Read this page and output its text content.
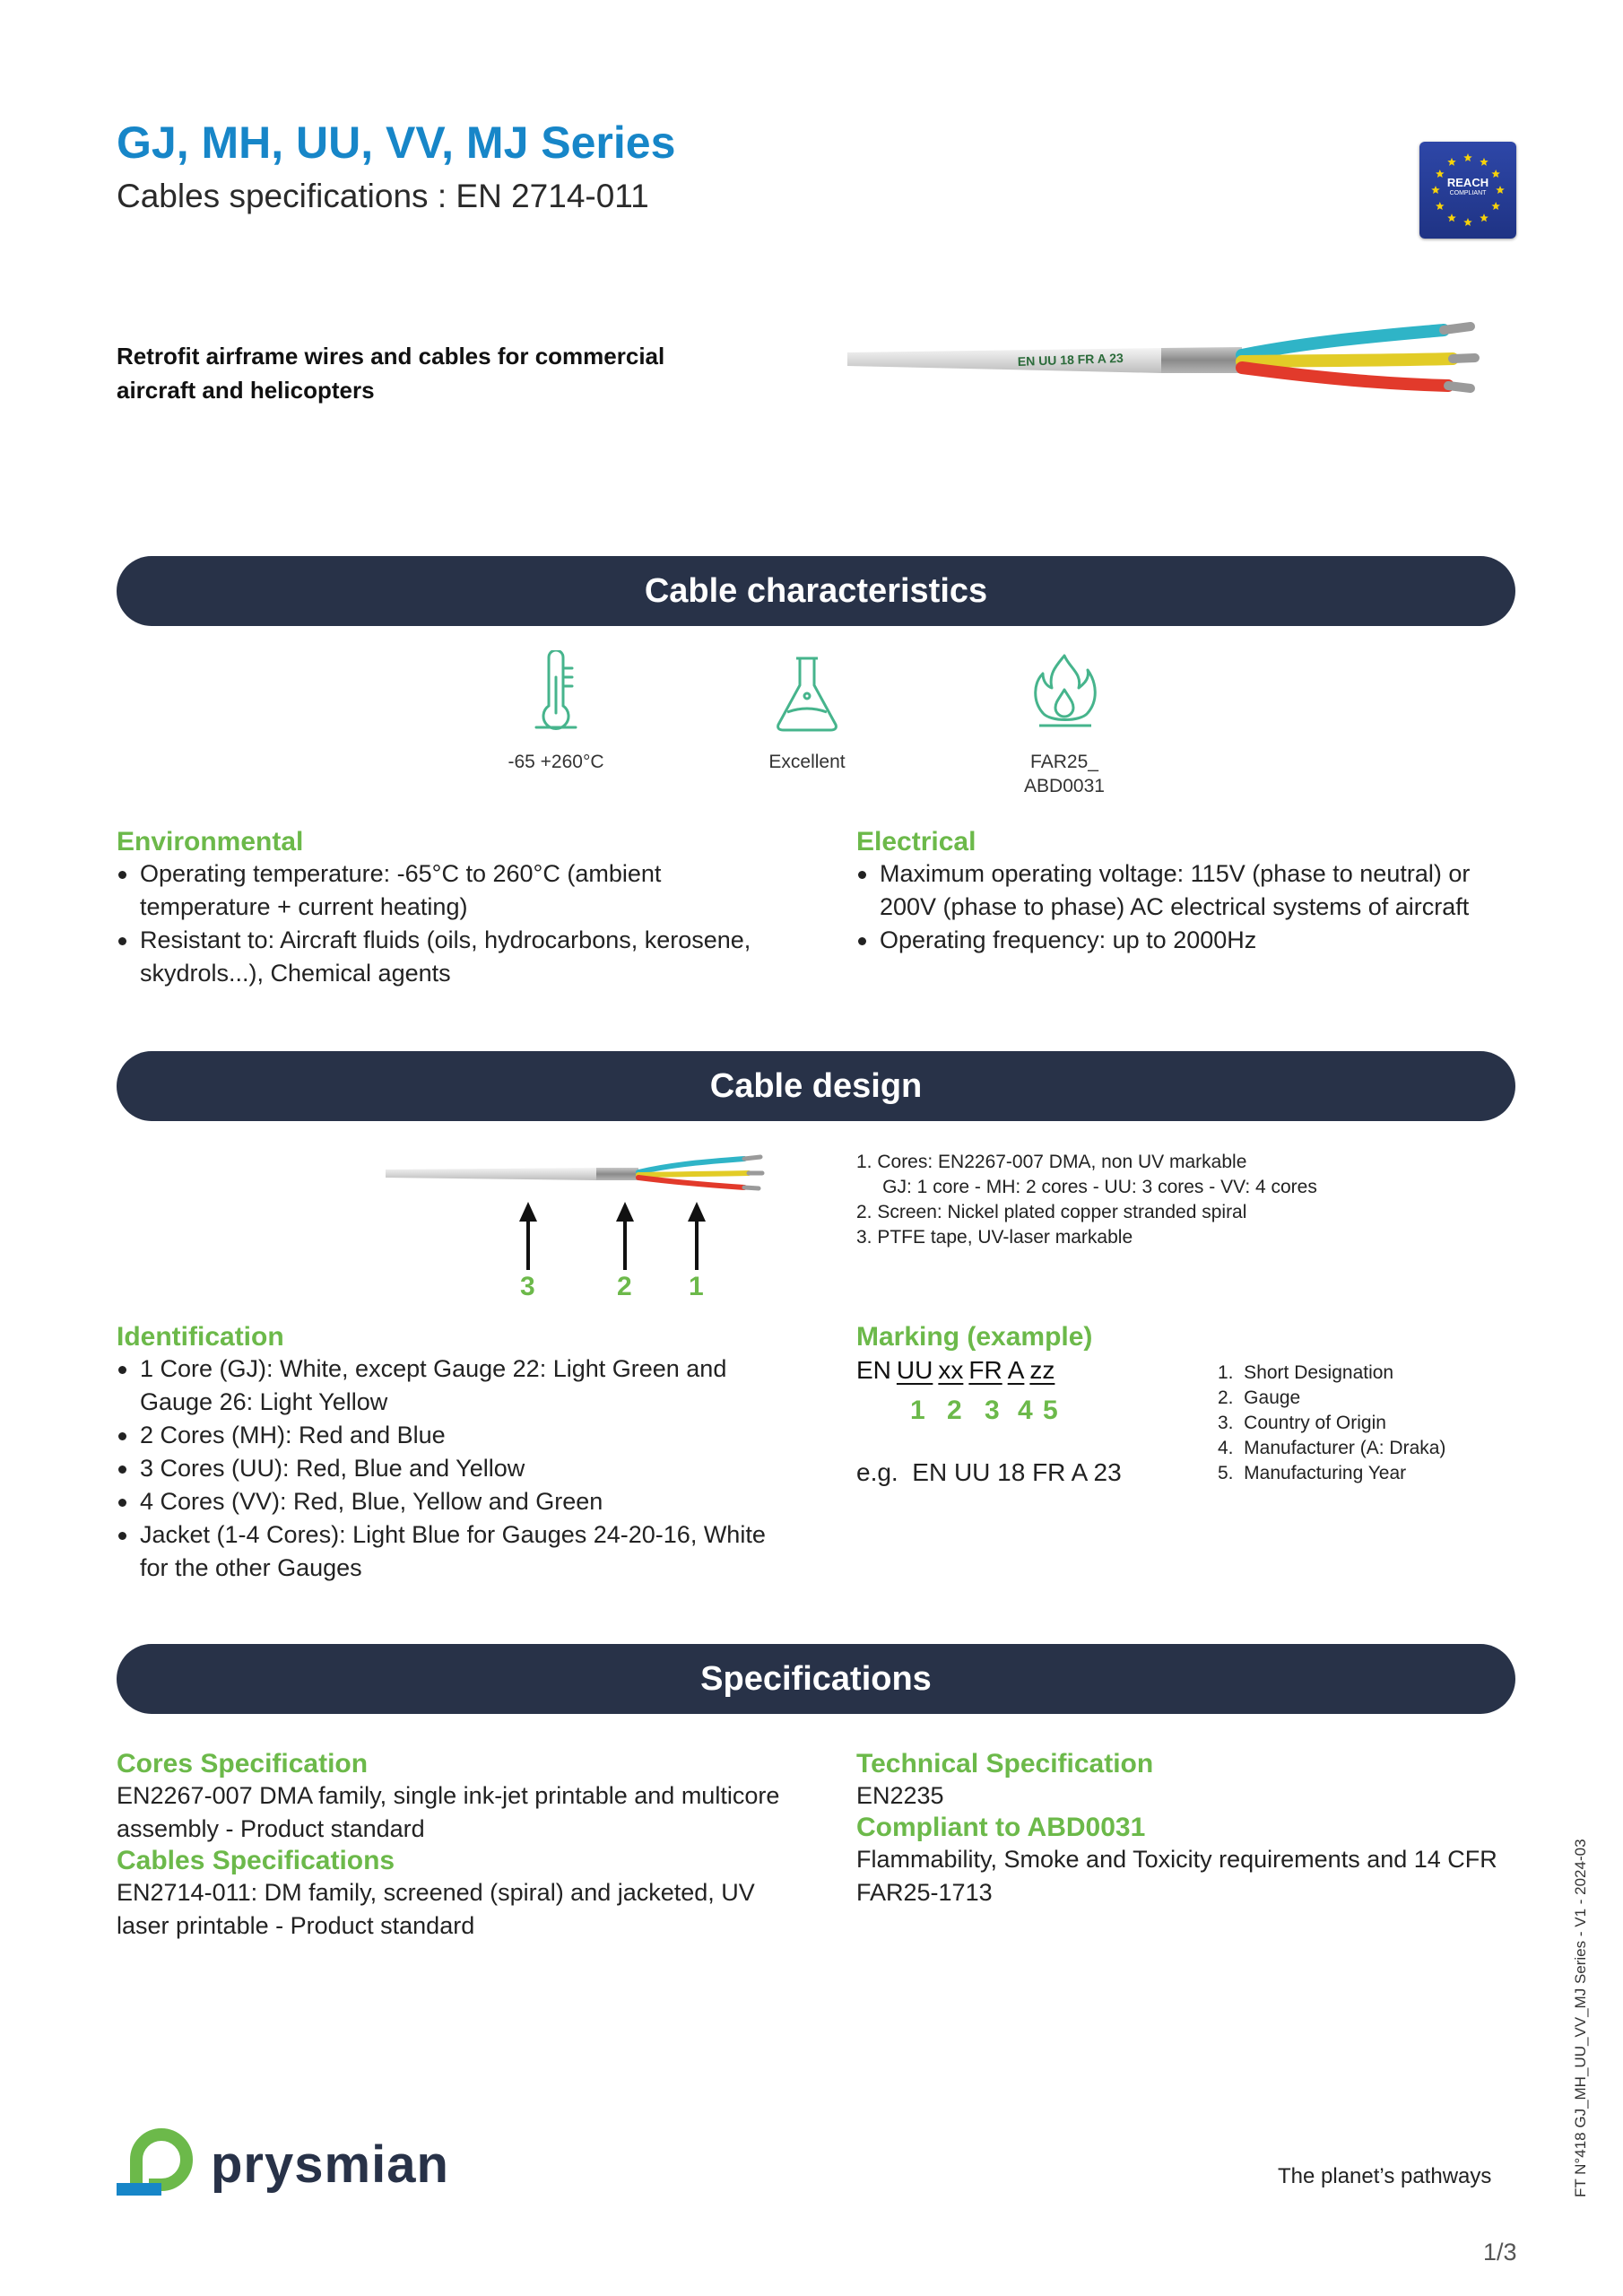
GJ, MH, UU, VV, MJ Series

Cables specifications : EN 2714-011	REACH
COMPLIANT
Retrofit airframe wires and cables for commercial
aircraft and helicopters
EN UU 18 FR A 23
Cable characteristics
-65 +260°C	Excellent	FAR25_
ABD0031
Environmental
Operating temperature: -65°C to 260°C (ambient temperature + current heating)
Resistant to: Aircraft fluids (oils, hydrocarbons, kerosene, skydrols...), Chemical agents
Electrical
Maximum operating voltage: 115V (phase to neutral) or 200V (phase to phase) AC electrical systems of aircraft
Operating frequency: up to 2000Hz
Cable design
3	2 1
1. Cores: EN2267-007 DMA, non UV markable
GJ: 1 core - MH: 2 cores - UU: 3 cores - VV: 4 cores
2. Screen: Nickel plated copper stranded spiral
3. PTFE tape, UV-laser markable
Identification
1 Core (GJ): White, except Gauge 22: Light Green and Gauge 26: Light Yellow
2 Cores (MH): Red and Blue
3 Cores (UU): Red, Blue and Yellow
4 Cores (VV): Red, Blue, Yellow and Green
Jacket (1-4 Cores): Light Blue for Gauges 24-20-16, White for the other Gauges
Marking (example)
EN UU xx FR A zz
1 2 3 4 5
e.g.  EN UU 18 FR A 23
1.  Short Designation
2.  Gauge
3.  Country of Origin
4.  Manufacturer (A: Draka)
5.  Manufacturing Year
Specifications
Cores Specification

EN2267-007 DMA family, single ink-jet printable and multicore assembly - Product standard

Cables Specifications

EN2714-011: DM family, screened (spiral) and jacketed, UV laser printable - Product standard

Technical Specification

EN2235

Compliant to ABD0031

Flammability, Smoke and Toxicity requirements and 14 CFR FAR25-1713

prysmian	The planet’s pathways
1/3
FT N°418 GJ_MH_UU_VV_MJ Series - V1 - 2024-03
